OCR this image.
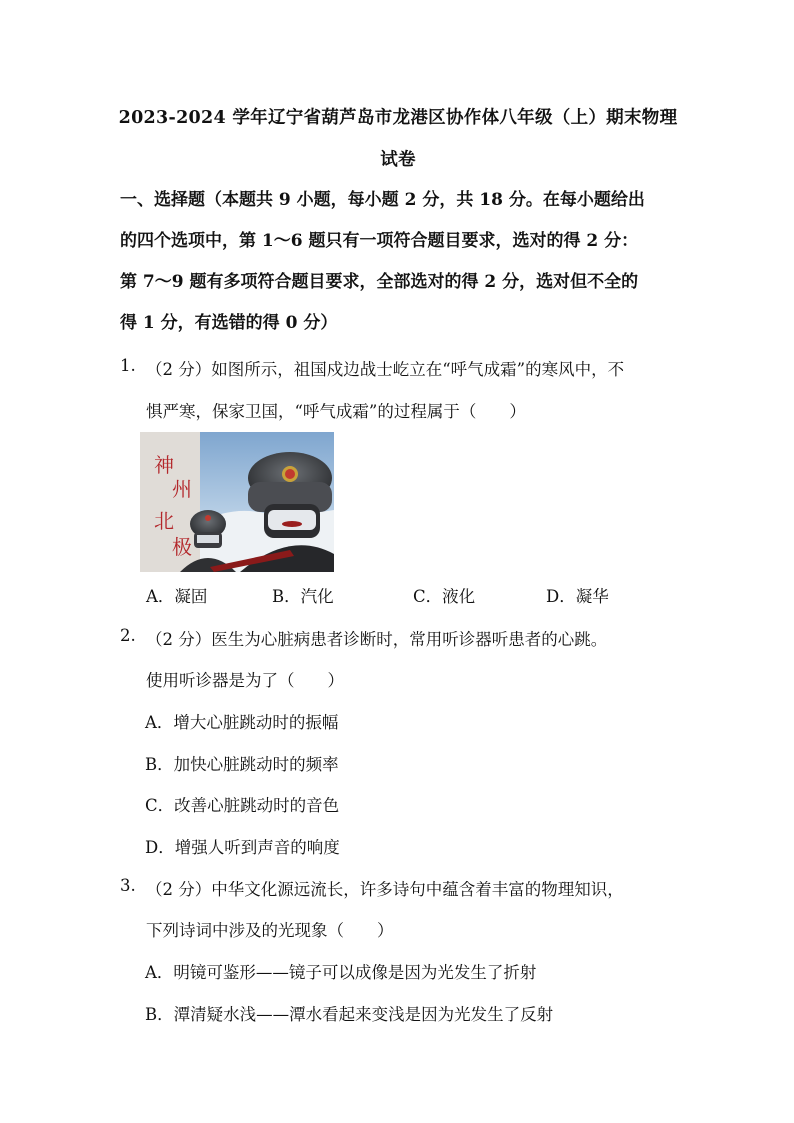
2023-2024 学年辽宁省葫芦岛市龙港区协作体八年级（上）期末物理
试卷
一、选择题（本题共 9 小题，每小题 2 分，共 18 分。在每小题给出
的四个选项中，第 1～6 题只有一项符合题目要求，选对的得 2 分：
第 7～9 题有多项符合题目要求，全部选对的得 2 分，选对但不全的
得 1 分，有选错的得 0 分）
1. （2 分）如图所示，祖国戍边战士屹立在“呼气成霜”的寒风中，不
惧严寒，保家卫国，“呼气成霜”的过程属于（　　）
神
州
北
极
A．凝固	B．汽化	C．液化	D．凝华
2. （2 分）医生为心脏病患者诊断时，常用听诊器听患者的心跳。
使用听诊器是为了（　　）
A．增大心脏跳动时的振幅
B．加快心脏跳动时的频率
C．改善心脏跳动时的音色
D．增强人听到声音的响度
3. （2 分）中华文化源远流长，许多诗句中蕴含着丰富的物理知识，
下列诗词中涉及的光现象（　　）
A．明镜可鉴形——镜子可以成像是因为光发生了折射
B．潭清疑水浅——潭水看起来变浅是因为光发生了反射
